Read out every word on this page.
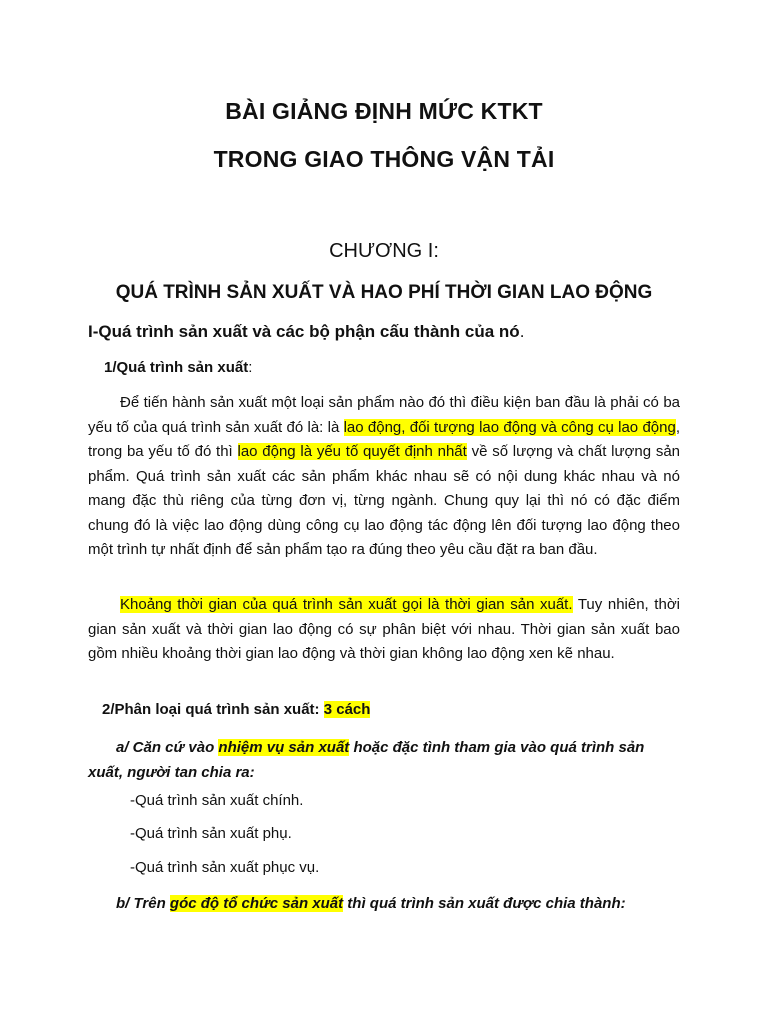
BÀI GIẢNG ĐỊNH MỨC KTKT
TRONG GIAO THÔNG VẬN TẢI
CHƯƠNG I:
QUÁ TRÌNH SẢN XUẤT VÀ HAO PHÍ THỜI GIAN LAO ĐỘNG
I-Quá trình sản xuất và các bộ phận cấu thành của nó.
1/Quá trình sản xuất:
Để tiến hành sản xuất một loại sản phẩm nào đó thì điều kiện ban đầu là phải có ba yếu tố của quá trình sản xuất đó là: là lao động, đối tượng lao động và công cụ lao động, trong ba yếu tố đó thì lao động là yếu tố quyết định nhất về số lượng và chất lượng sản phẩm. Quá trình sản xuất các sản phẩm khác nhau sẽ có nội dung khác nhau và nó mang đặc thù riêng của từng đơn vị, từng ngành. Chung quy lại thì nó có đặc điểm chung đó là việc lao động dùng công cụ lao động tác động lên đối tượng lao động theo một trình tự nhất định để sản phẩm tạo ra đúng theo yêu cầu đặt ra ban đầu.
Khoảng thời gian của quá trình sản xuất gọi là thời gian sản xuất. Tuy nhiên, thời gian sản xuất và thời gian lao động có sự phân biệt với nhau. Thời gian sản xuất bao gồm nhiều khoảng thời gian lao động và thời gian không lao động xen kẽ nhau.
2/Phân loại quá trình sản xuất: 3 cách
a/ Căn cứ vào nhiệm vụ sản xuất hoặc đặc tình tham gia vào quá trình sản xuất, người tan chia ra:
-Quá trình sản xuất chính.
-Quá trình sản xuất phụ.
-Quá trình sản xuất phục vụ.
b/ Trên góc độ tổ chức sản xuất thì quá trình sản xuất được chia thành:
